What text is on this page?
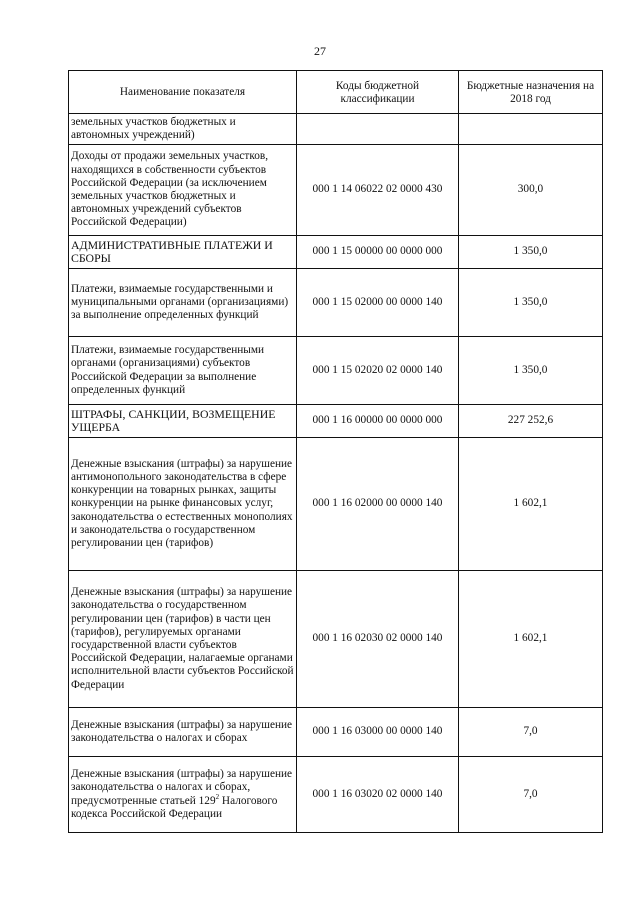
27
Наименование показателя	Коды бюджетной классификации	Бюджетные назначения на 2018 год
земельных участков бюджетных и автономных учреждений)		
Доходы от продажи земельных участков, находящихся в собственности субъектов Российской Федерации (за исключением земельных участков бюджетных и автономных учреждений субъектов Российской Федерации)	000 1 14 06022 02 0000 430	300,0
АДМИНИСТРАТИВНЫЕ ПЛАТЕЖИ И СБОРЫ	000 1 15 00000 00 0000 000	1 350,0
Платежи, взимаемые государственными и муниципальными органами (организациями) за выполнение определенных функций	000 1 15 02000 00 0000 140	1 350,0
Платежи, взимаемые государственными органами (организациями) субъектов Российской Федерации за выполнение определенных функций	000 1 15 02020 02 0000 140	1 350,0
ШТРАФЫ, САНКЦИИ, ВОЗМЕЩЕНИЕ УЩЕРБА	000 1 16 00000 00 0000 000	227 252,6
Денежные взыскания (штрафы) за нарушение антимонопольного законодательства в сфере конкуренции на товарных рынках, защиты конкуренции на рынке финансовых услуг, законодательства о естественных монополиях и законодательства о государственном регулировании цен (тарифов)	000 1 16 02000 00 0000 140	1 602,1
Денежные взыскания (штрафы) за нарушение законодательства о государственном регулировании цен (тарифов) в части цен (тарифов), регулируемых органами государственной власти субъектов Российской Федерации, налагаемые органами исполнительной власти субъектов Российской Федерации	000 1 16 02030 02 0000 140	1 602,1
Денежные взыскания (штрафы) за нарушение законодательства о налогах и сборах	000 1 16 03000 00 0000 140	7,0
Денежные взыскания (штрафы) за нарушение законодательства о налогах и сборах, предусмотренные статьей $129^2$ Налогового кодекса Российской Федерации	000 1 16 03020 02 0000 140	7,0
